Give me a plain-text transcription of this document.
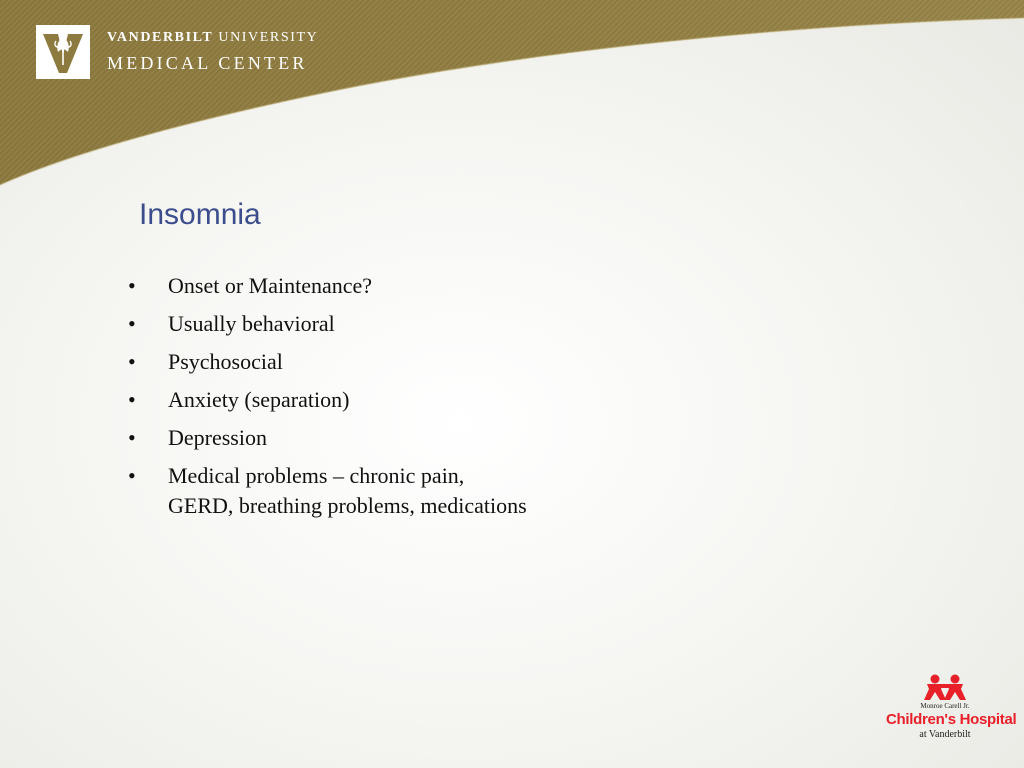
VANDERBILT UNIVERSITY
MEDICAL CENTER
Insomnia
• Onset or Maintenance?
• Usually behavioral
• Psychosocial
• Anxiety (separation)
• Depression
• Medical problems – chronic pain, GERD, breathing problems, medications
Monroe Carell Jr.
Children's Hospital
at Vanderbilt
